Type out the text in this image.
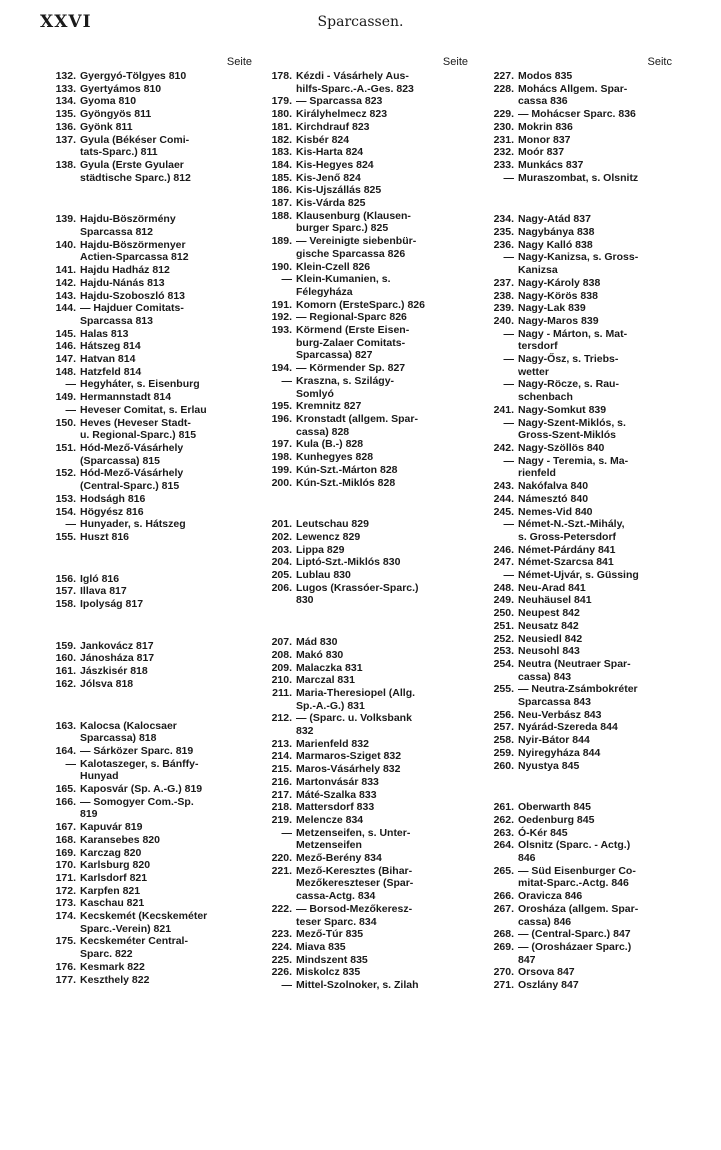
XXVI	Sparcassen.
Seite
132. Gyergyó-Tölgyes 810
133. Gyertyámos 810
134. Gyoma 810
135. Gyöngyös 811
136. Gyönk 811
137. Gyula (Békéser Comi-
tats-Sparc.) 811
138. Gyula (Erste Gyulaer
städtische Sparc.) 812
139. Hajdu-Böszörmény
Sparcassa 812
140. Hajdu-Böszörmenyer
Actien-Sparcassa 812
141. Hajdu Hadház 812
142. Hajdu-Nánás 813
143. Hajdu-Szoboszló 813
144. — Hajduer Comitats-
Sparcassa 813
145. Halas 813
146. Hátszeg 814
147. Hatvan 814
148. Hatzfeld 814
— Hegyháter, s. Eisenburg
149. Hermannstadt 814
— Heveser Comitat, s. Erlau
150. Heves (Heveser Stadt-
u. Regional-Sparc.) 815
151. Hód-Mező-Vásárhely
(Sparcassa) 815
152. Hód-Mező-Vásárhely
(Central-Sparc.) 815
153. Hodságh 816
154. Högyész 816
— Hunyader, s. Hátszeg
155. Huszt 816
156. Igló 816
157. Illava 817
158. Ipolyság 817
159. Jankovácz 817
160. Jánosháza 817
161. Jászkisér 818
162. Jólsva 818
163. Kalocsa (Kalocsaer
Sparcassa) 818
164. — Sárközer Sparc. 819
— Kalotaszeger, s. Bánffy-
Hunyad
165. Kaposvár (Sp. A.-G.) 819
166. — Somogyer Com.-Sp.
819
167. Kapuvár 819
168. Karansebes 820
169. Karczag 820
170. Karlsburg 820
171. Karlsdorf 821
172. Karpfen 821
173. Kaschau 821
174. Kecskemét (Kecskeméter
Sparc.-Verein) 821
175. Kecskeméter Central-
Sparc. 822
176. Kesmark 822
177. Keszthely 822
Seite
178. Kézdi - Vásárhely Aus-
hilfs-Sparc.-A.-Ges. 823
179. — Sparcassa 823
180. Királyhelmecz 823
181. Kirchdrauf 823
182. Kisbér 824
183. Kis-Harta 824
184. Kis-Hegyes 824
185. Kis-Jenő 824
186. Kis-Ujszállás 825
187. Kis-Várda 825
188. Klausenburg (Klausen-
burger Sparc.) 825
189. — Vereinigte siebenbür-
gische Sparcassa 826
190. Klein-Czell 826
— Klein-Kumanien, s.
Félegyháza
191. Komorn (ErsteSparc.) 826
192. — Regional-Sparc 826
193. Körmend (Erste Eisen-
burg-Zalaer Comitats-
Sparcassa) 827
194. — Körmender Sp. 827
— Kraszna, s. Szilágy-
Somlyó
195. Kremnitz 827
196. Kronstadt (allgem. Spar-
cassa) 828
197. Kula (B.-) 828
198. Kunhegyes 828
199. Kún-Szt.-Márton 828
200. Kún-Szt.-Miklós 828
201. Leutschau 829
202. Lewencz 829
203. Lippa 829
204. Liptó-Szt.-Miklós 830
205. Lublau 830
206. Lugos (Krassóer-Sparc.)
830
207. Mád 830
208. Makó 830
209. Malaczka 831
210. Marczal 831
211. Maria-Theresiopel (Allg.
Sp.-A.-G.) 831
212. — (Sparc. u. Volksbank
832
213. Marienfeld 832
214. Marmaros-Sziget 832
215. Maros-Vásárhely 832
216. Martonvásár 833
217. Máté-Szalka 833
218. Mattersdorf 833
219. Melencze 834
— Metzenseifen, s. Unter-
Metzenseifen
220. Mező-Berény 834
221. Mező-Keresztes (Bihar-
Mezőkereszteser (Spar-
cassa-Actg. 834
222. — Borsod-Mezőkeresz-
teser Sparc. 834
223. Mező-Túr 835
224. Miava 835
225. Mindszent 835
226. Miskolcz 835
— Mittel-Szolnoker, s. Zilah
Seitc
227. Modos 835
228. Mohács Allgem. Spar-
cassa 836
229. — Mohácser Sparc. 836
230. Mokrin 836
231. Monor 837
232. Moór 837
233. Munkács 837
— Muraszombat, s. Olsnitz
234. Nagy-Atád 837
235. Nagybánya 838
236. Nagy Kalló 838
— Nagy-Kanizsa, s. Gross-
Kanizsa
237. Nagy-Károly 838
238. Nagy-Körös 838
239. Nagy-Lak 839
240. Nagy-Maros 839
— Nagy - Márton, s. Mat-
tersdorf
— Nagy-Ősz, s. Triebs-
wetter
— Nagy-Röcze, s. Rau-
schenbach
241. Nagy-Somkut 839
— Nagy-Szent-Miklós, s.
Gross-Szent-Miklós
242. Nagy-Szöllös 840
— Nagy - Teremia, s. Ma-
rienfeld
243. Nakófalva 840
244. Námesztó 840
245. Nemes-Vid 840
— Német-N.-Szt.-Mihály,
s. Gross-Petersdorf
246. Német-Párdány 841
247. Német-Szarcsa 841
— Német-Ujvár, s. Güssing
248. Neu-Arad 841
249. Neuhäusel 841
250. Neupest 842
251. Neusatz 842
252. Neusiedl 842
253. Neusohl 843
254. Neutra (Neutraer Spar-
cassa) 843
255. — Neutra-Zsámbokréter
Sparcassa 843
256. Neu-Verbász 843
257. Nyárád-Szereda 844
258. Nyir-Bátor 844
259. Nyiregyháza 844
260. Nyustya 845
261. Oberwarth 845
262. Oedenburg 845
263. Ó-Kér 845
264. Olsnitz (Sparc. - Actg.)
846
265. — Süd Eisenburger Co-
mitat-Sparc.-Actg. 846
266. Oravicza 846
267. Orosháza (allgem. Spar-
cassa) 846
268. — (Central-Sparc.) 847
269. — (Orosházaer Sparc.)
847
270. Orsova 847
271. Oszlány 847
